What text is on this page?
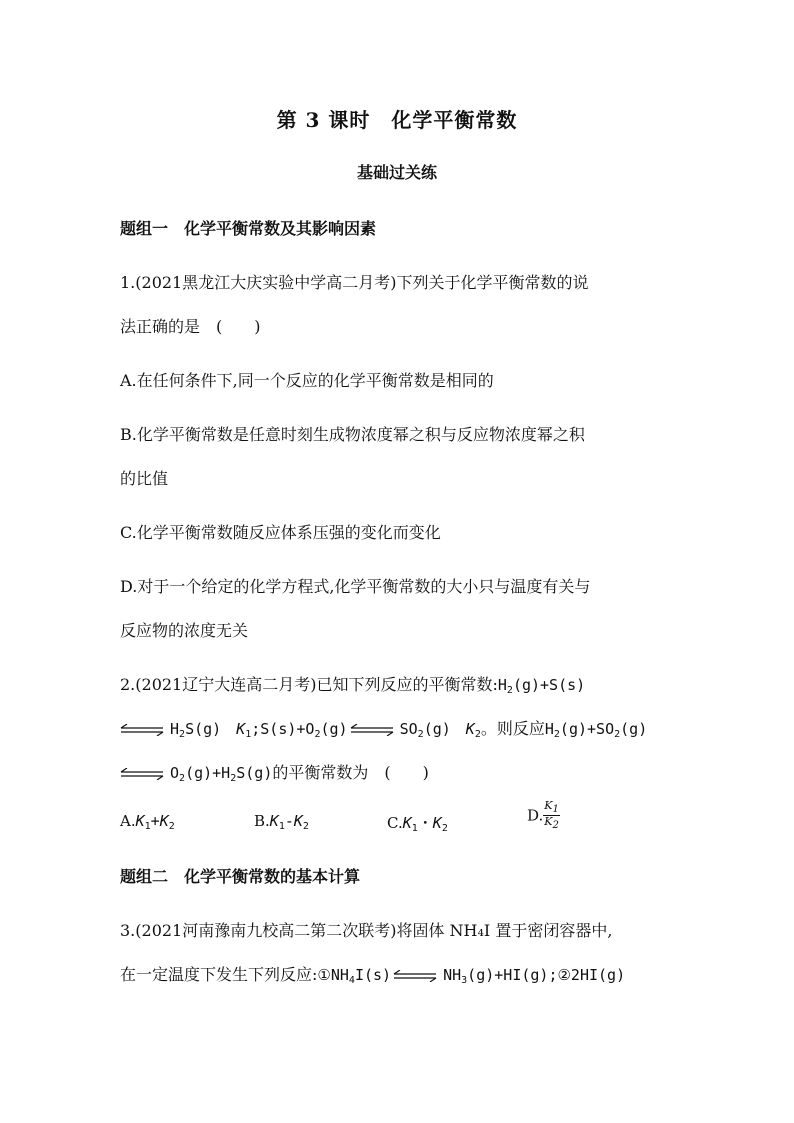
第 3 课时　化学平衡常数
基础过关练
题组一　化学平衡常数及其影响因素
1.(2021黑龙江大庆实验中学高二月考)下列关于化学平衡常数的说
法正确的是　(　　)
A.在任何条件下,同一个反应的化学平衡常数是相同的
B.化学平衡常数是任意时刻生成物浓度幂之积与反应物浓度幂之积
的比值
C.化学平衡常数随反应体系压强的变化而变化
D.对于一个给定的化学方程式,化学平衡常数的大小只与温度有关与
反应物的浓度无关
2.(2021辽宁大连高二月考)已知下列反应的平衡常数$:H_2(g)+S(s)$
⇌ $H_2S(g)$　$K_1;S(s)+O_2(g)$ ⇌ $SO_2(g)$　$K_2$。则反应$H_2(g)+SO_2(g)$
⇌ $O_2(g)+H_2S(g)$的平衡常数为　(　　)
$A.K_1+K_2$	$B.K_1-K_2$	$C.K_1$・$K_2$
D. $\frac{K_1}{K_2}$
题组二　化学平衡常数的基本计算
3.(2021河南豫南九校高二第二次联考)将固体 NH₄I 置于密闭容器中,
在一定温度下发生下列反应$:①NH_4I(s)$ ⇌ $NH_3(g)+HI(g);②2HI(g)$
